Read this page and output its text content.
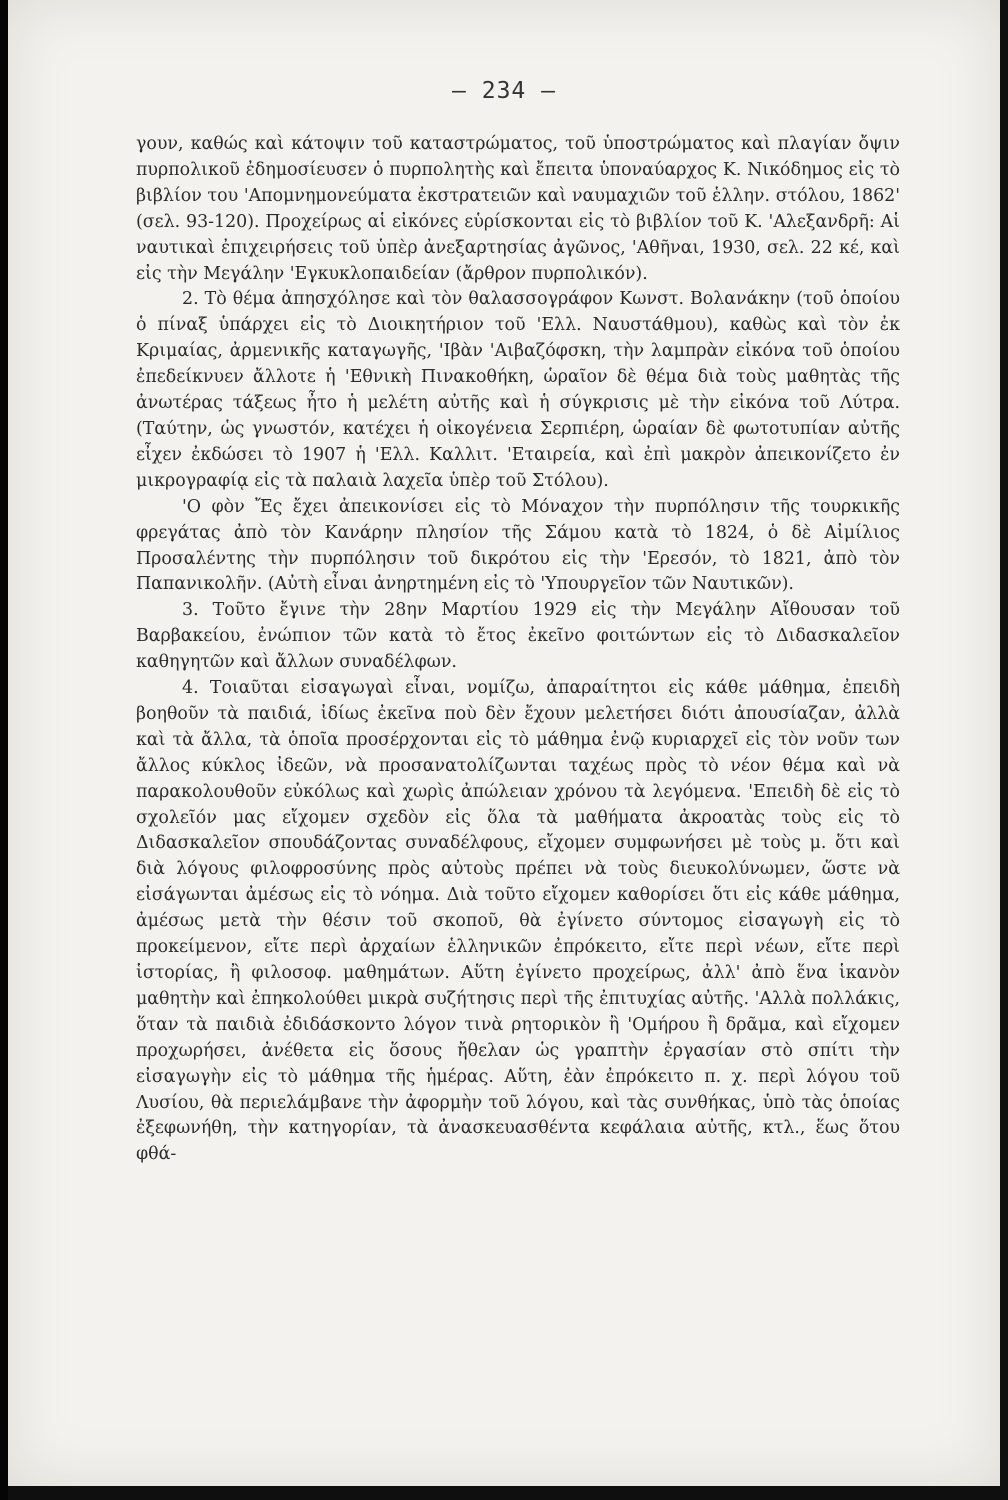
— 234 —

γουν, καθώς καὶ κάτοψιν τοῦ καταστρώματος, τοῦ ὑποστρώματος καὶ πλαγίαν ὄψιν πυρπολικοῦ ἐδημοσίευσεν ὁ πυρπολητὴς καὶ ἔπειτα ὑποναύαρχος Κ. Νικόδημος εἰς τὸ βιβλίον του 'Απομνημονεύματα ἐκστρατειῶν καὶ ναυμαχιῶν τοῦ ἑλλην. στόλου, 1862' (σελ. 93-120). Προχείρως αἱ εἰκόνες εὑρίσκονται εἰς τὸ βιβλίον τοῦ Κ. 'Αλεξανδρῆ: Αἱ ναυτικαὶ ἐπιχειρήσεις τοῦ ὑπὲρ ἀνεξαρτησίας ἀγῶνος, 'Αθῆναι, 1930, σελ. 22 κέ, καὶ εἰς τὴν Μεγάλην 'Εγκυκλοπαιδείαν (ἄρθρον πυρπολικόν).

2. Τὸ θέμα ἀπησχόλησε καὶ τὸν θαλασσογράφον Κωνστ. Βολανάκην (τοῦ ὁποίου ὁ πίναξ ὑπάρχει εἰς τὸ Διοικητήριον τοῦ 'Ελλ. Ναυστάθμου), καθὼς καὶ τὸν ἐκ Κριμαίας, ἀρμενικῆς καταγωγῆς, 'Ιβὰν 'Αιβαζόφσκη, τὴν λαμπρὰν εἰκόνα τοῦ ὁποίου ἐπεδείκνυεν ἄλλοτε ἡ 'Εθνικὴ Πινακοθήκη, ὡραῖον δὲ θέμα διὰ τοὺς μαθητὰς τῆς ἀνωτέρας τάξεως ἦτο ἡ μελέτη αὐτῆς καὶ ἡ σύγκρισις μὲ τὴν εἰκόνα τοῦ Λύτρα. (Ταύτην, ὡς γνωστόν, κατέχει ἡ οἰκογένεια Σερπιέρη, ὡραίαν δὲ φωτοτυπίαν αὐτῆς εἶχεν ἐκδώσει τὸ 1907 ἡ 'Ελλ. Καλλιτ. 'Εταιρεία, καὶ ἐπὶ μακρὸν ἀπεικονίζετο ἐν μικρογραφίᾳ εἰς τὰ παλαιὰ λαχεῖα ὑπὲρ τοῦ Στόλου).

'Ο φὸν Ἔς ἔχει ἀπεικονίσει εἰς τὸ Μόναχον τὴν πυρπόλησιν τῆς τουρκικῆς φρεγάτας ἀπὸ τὸν Κανάρην πλησίον τῆς Σάμου κατὰ τὸ 1824, ὁ δὲ Αἰμίλιος Προσαλέντης τὴν πυρπόλησιν τοῦ δικρότου εἰς τὴν 'Ερεσόν, τὸ 1821, ἀπὸ τὸν Παπανικολῆν. (Αὐτὴ εἶναι ἀνηρτημένη εἰς τὸ 'Υπουργεῖον τῶν Ναυτικῶν).

3. Τοῦτο ἔγινε τὴν 28ην Μαρτίου 1929 εἰς τὴν Μεγάλην Αἴθουσαν τοῦ Βαρβακείου, ἐνώπιον τῶν κατὰ τὸ ἔτος ἐκεῖνο φοιτώντων εἰς τὸ Διδασκαλεῖον καθηγητῶν καὶ ἄλλων συναδέλφων.

4. Τοιαῦται εἰσαγωγαὶ εἶναι, νομίζω, ἀπαραίτητοι εἰς κάθε μάθημα, ἐπειδὴ βοηθοῦν τὰ παιδιά, ἰδίως ἐκεῖνα ποὺ δὲν ἔχουν μελετήσει διότι ἀπουσίαζαν, ἀλλὰ καὶ τὰ ἄλλα, τὰ ὁποῖα προσέρχονται εἰς τὸ μάθημα ἐνῷ κυριαρχεῖ εἰς τὸν νοῦν των ἄλλος κύκλος ἰδεῶν, νὰ προσανατολίζωνται ταχέως πρὸς τὸ νέον θέμα καὶ νὰ παρακολουθοῦν εὐκόλως καὶ χωρὶς ἀπώλειαν χρόνου τὰ λεγόμενα. 'Επειδὴ δὲ εἰς τὸ σχολεῖόν μας εἴχομεν σχεδὸν εἰς ὅλα τὰ μαθήματα ἀκροατὰς τοὺς εἰς τὸ Διδασκαλεῖον σπουδάζοντας συναδέλφους, εἴχομεν συμφωνήσει μὲ τοὺς μ. ὅτι καὶ διὰ λόγους φιλοφροσύνης πρὸς αὐτοὺς πρέπει νὰ τοὺς διευκολύνωμεν, ὥστε νὰ εἰσάγωνται ἀμέσως εἰς τὸ νόημα. Διὰ τοῦτο εἴχομεν καθορίσει ὅτι εἰς κάθε μάθημα, ἀμέσως μετὰ τὴν θέσιν τοῦ σκοποῦ, θὰ ἐγίνετο σύντομος εἰσαγωγὴ εἰς τὸ προκείμενον, εἴτε περὶ ἀρχαίων ἑλληνικῶν ἐπρόκειτο, εἴτε περὶ νέων, εἴτε περὶ ἱστορίας, ἢ φιλοσοφ. μαθημάτων. Αὕτη ἐγίνετο προχείρως, ἀλλ' ἀπὸ ἕνα ἱκανὸν μαθητὴν καὶ ἐπηκολούθει μικρὰ συζήτησις περὶ τῆς ἐπιτυχίας αὐτῆς. 'Αλλὰ πολλάκις, ὅταν τὰ παιδιὰ ἐδιδάσκοντο λόγον τινὰ ρητορικὸν ἢ 'Ομήρου ἢ δρᾶμα, καὶ εἴχομεν προχωρήσει, ἀνέθετα εἰς ὅσους ἤθελαν ὡς γραπτὴν ἐργασίαν στὸ σπίτι τὴν εἰσαγωγὴν εἰς τὸ μάθημα τῆς ἡμέρας. Αὕτη, ἐὰν ἐπρόκειτο π. χ. περὶ λόγου τοῦ Λυσίου, θὰ περιελάμβανε τὴν ἀφορμὴν τοῦ λόγου, καὶ τὰς συνθήκας, ὑπὸ τὰς ὁποίας ἐξεφωνήθη, τὴν κατηγορίαν, τὰ ἀνασκευασθέντα κεφάλαια αὐτῆς, κτλ., ἕως ὅτου φθά-
